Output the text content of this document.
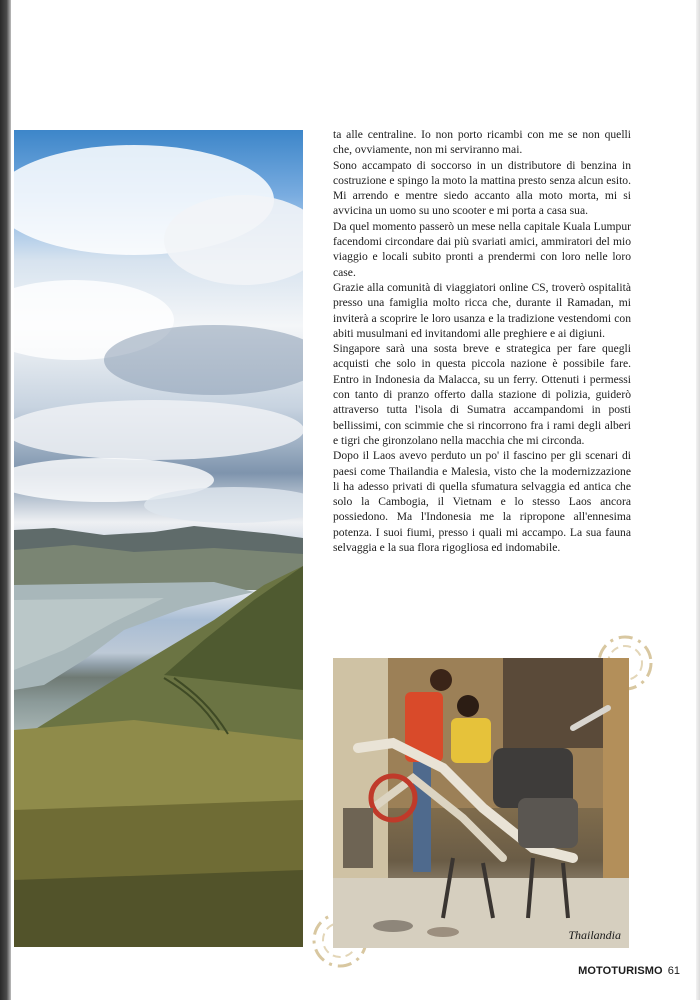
ta alle centraline. Io non porto ricambi con me se non quelli che, ovviamente, non mi serviranno mai.

Sono accampato di soccorso in un distributore di benzina in costruzione e spingo la moto la mattina presto senza alcun esito. Mi arrendo e mentre siedo accanto alla moto morta, mi si avvicina un uomo su uno scooter e mi porta a casa sua.

Da quel momento passerò un mese nella capitale Kuala Lumpur facendomi circondare dai più svariati amici, ammiratori del mio viaggio e locali subito pronti a prendermi con loro nelle loro case.

Grazie alla comunità di viaggiatori online CS, troverò ospitalità presso una famiglia molto ricca che, durante il Ramadan, mi inviterà a scoprire le loro usanza e la tradizione vestendomi con abiti musulmani ed invitandomi alle preghiere e ai digiuni.

Singapore sarà una sosta breve e strategica per fare quegli acquisti che solo in questa piccola nazione è possibile fare. Entro in Indonesia da Malacca, su un ferry. Ottenuti i permessi con tanto di pranzo offerto dalla stazione di polizia, guiderò attraverso tutta l'isola di Sumatra accampandomi in posti bellissimi, con scimmie che si rincorrono fra i rami degli alberi e tigri che gironzolano nella macchia che mi circonda.

Dopo il Laos avevo perduto un po' il fascino per gli scenari di paesi come Thailandia e Malesia, visto che la modernizzazione li ha adesso privati di quella sfumatura selvaggia ed antica che solo la Cambogia, il Vietnam e lo stesso Laos ancora possiedono. Ma l'Indonesia me la ripropone all'ennesima potenza. I suoi fiumi, presso i quali mi accampo. La sua fauna selvaggia e la sua flora rigogliosa ed indomabile.

Thailandia
MOTOTURISMO 61
